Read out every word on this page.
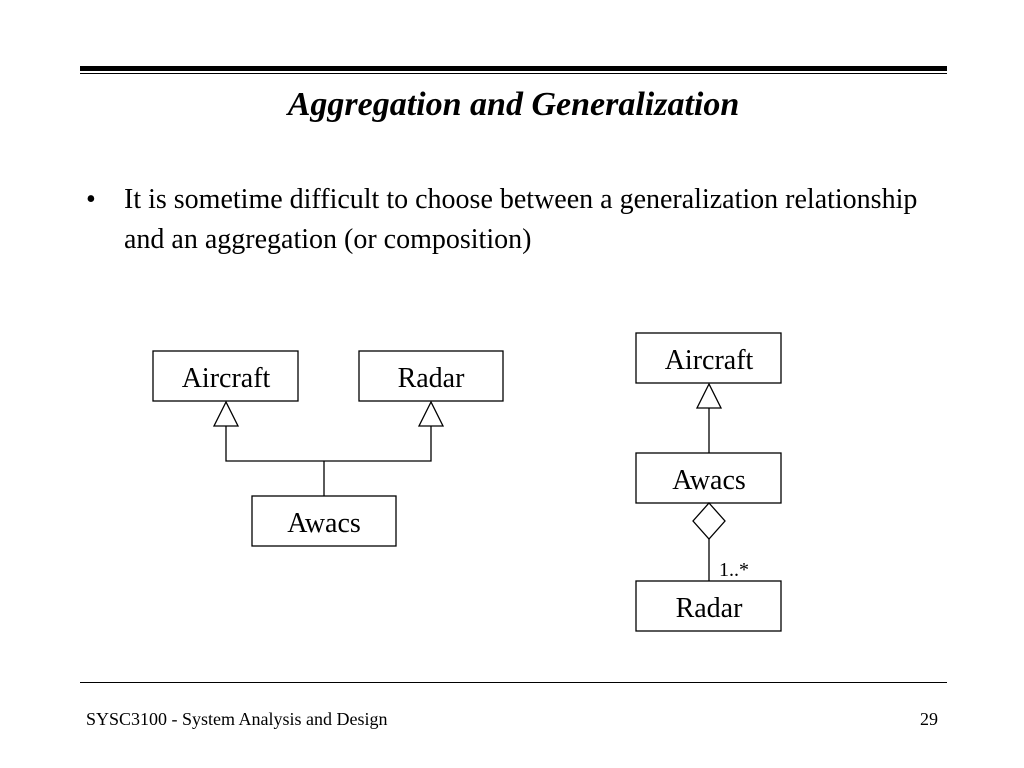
Aggregation and Generalization
• It is sometime difficult to choose between a generalization relationship and an aggregation (or composition)
Aircraft	Radar
Awacs
Aircraft
Awacs
Radar
1..*
SYSC3100 - System Analysis and Design	29
